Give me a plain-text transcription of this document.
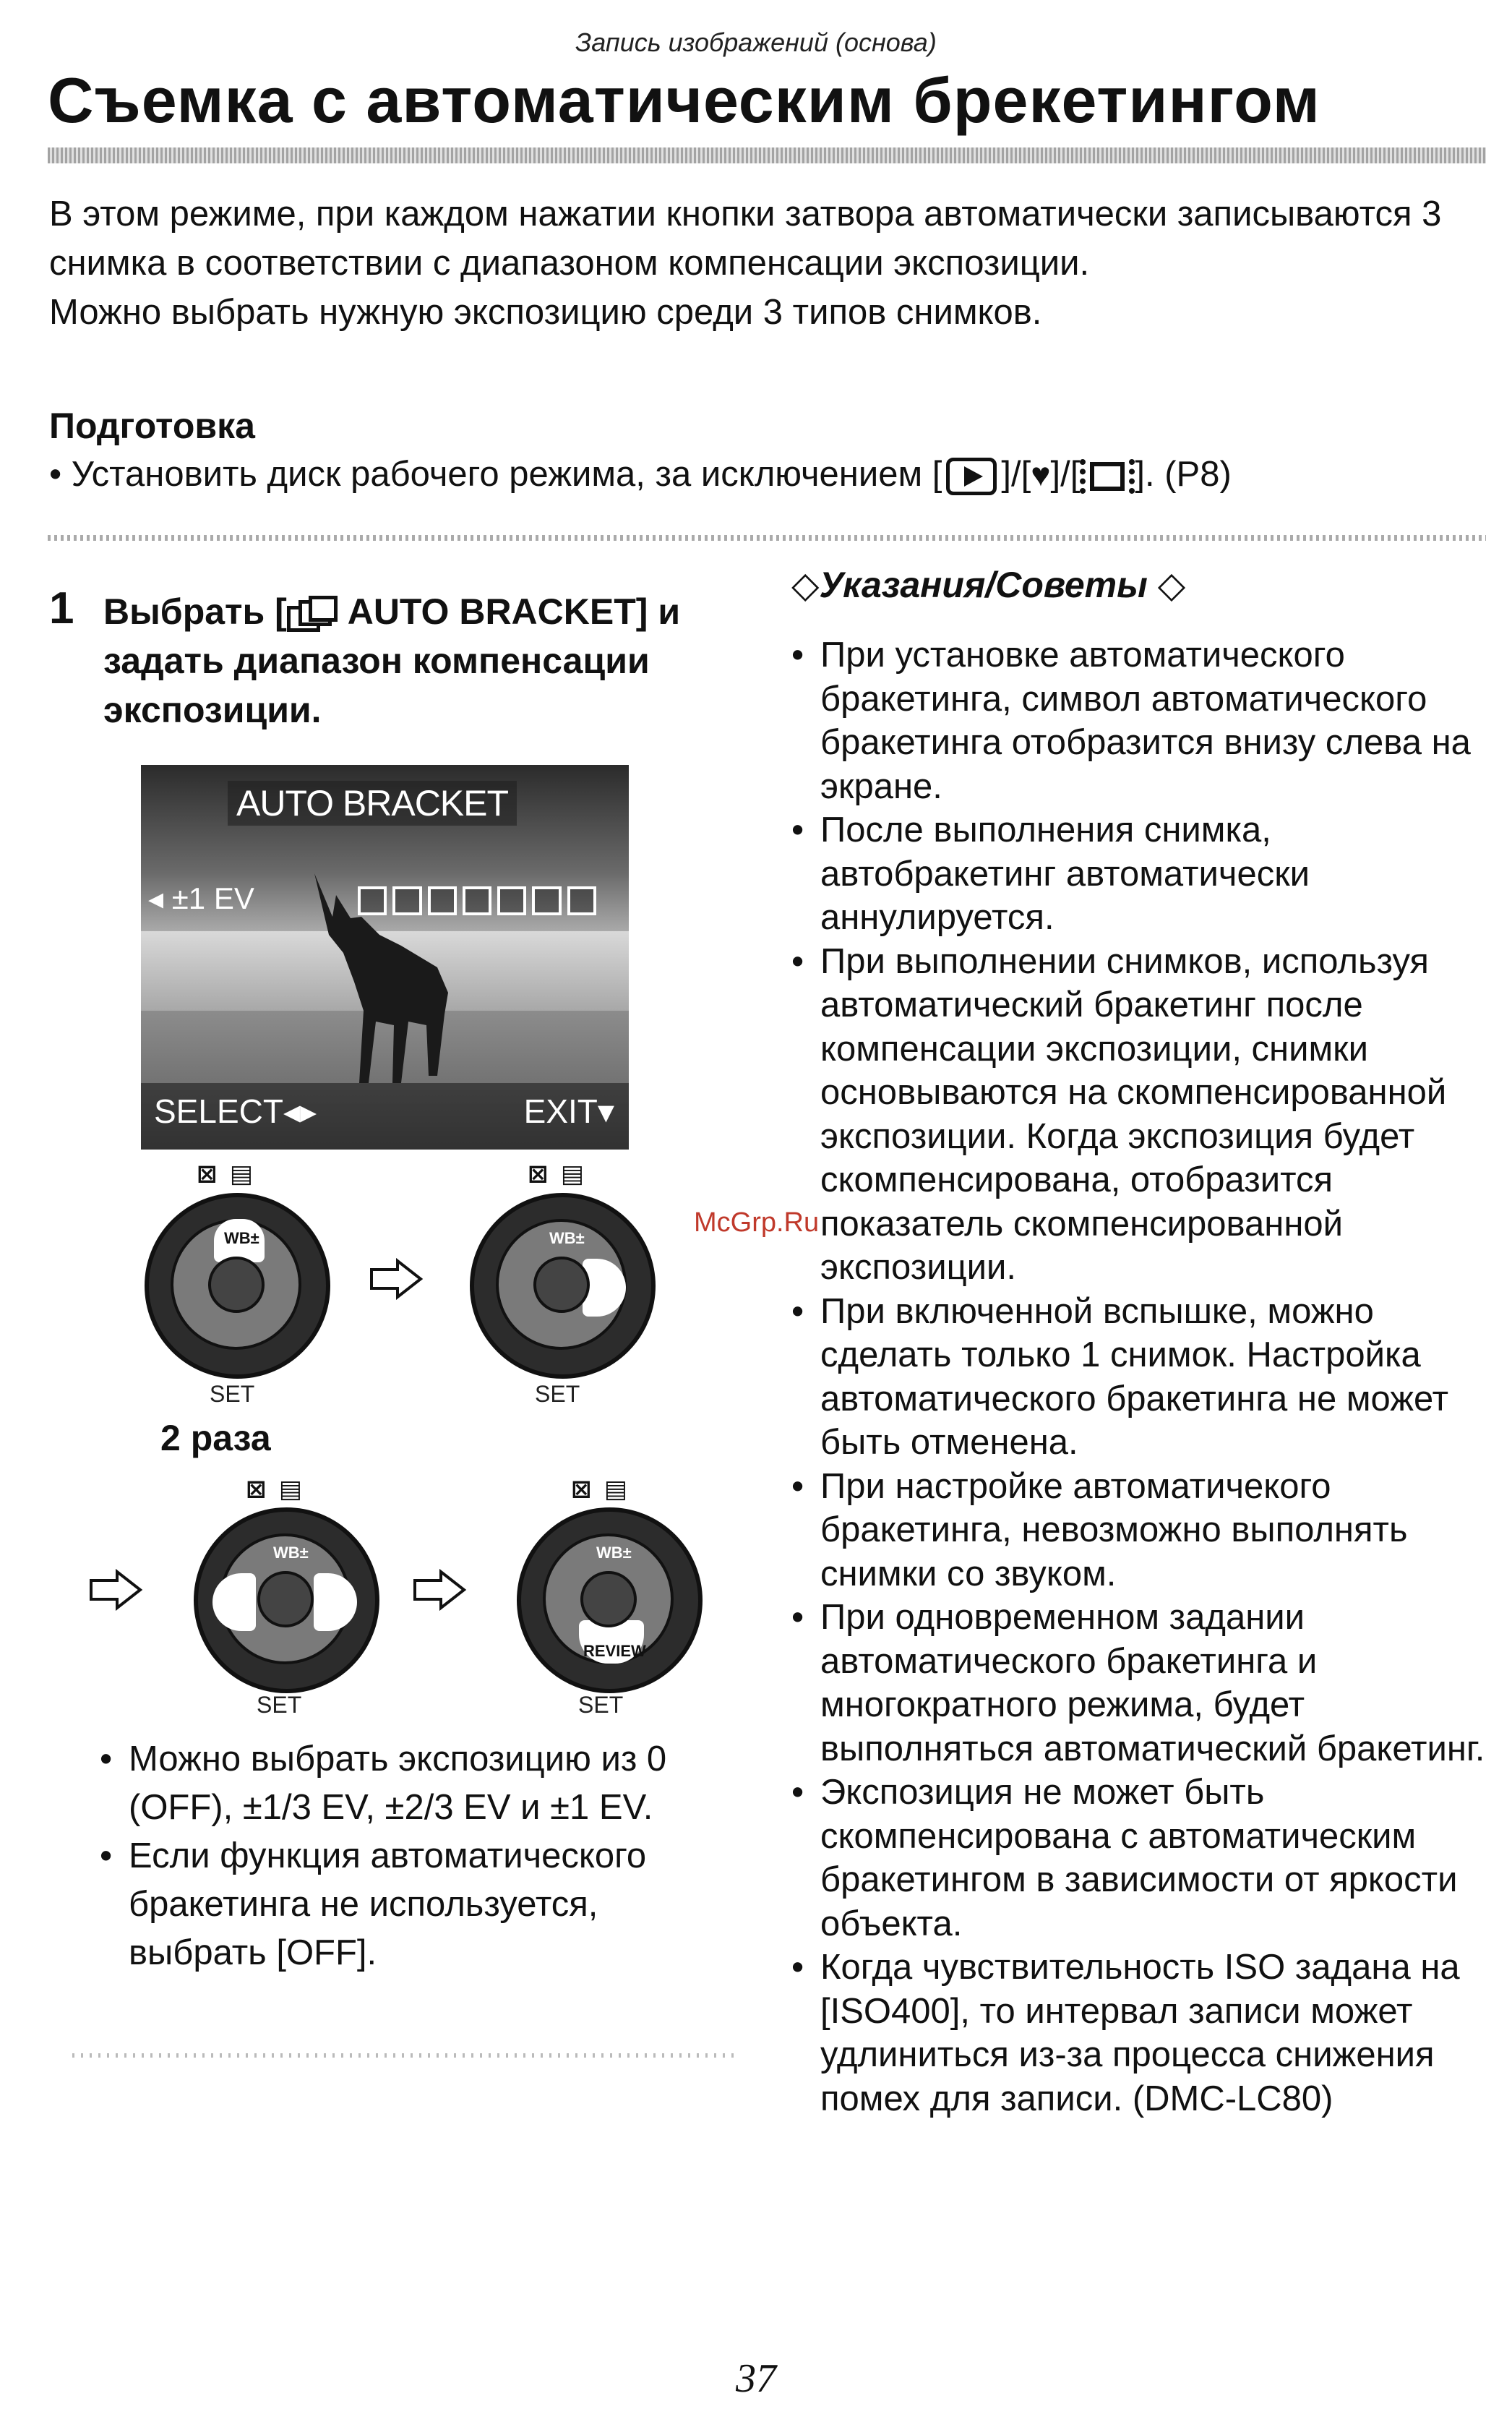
Запись изображений (основа)
Съемка с автоматическим брекетингом

В этом режиме, при каждом нажатии кнопки затвора автоматически записываются 3 снимка в соответствии с диапазоном компенсации экспозиции.

Можно выбрать нужную экспозицию среди 3 типов снимков.

Подготовка
• Установить диск рабочего режима, за исключением [ ]/[♥]/[ ]. (P8)
1 Выбрать [
AUTO BRACKET] и задать диапазон компенсации экспозиции.
AUTO BRACKET
◂ ±1 EV
SELECT◂▸	EXIT▾
⊠ ▤
WB±
SET
⊠ ▤
WB±
SET
2 раза
⊠ ▤
WB±
SET
⊠ ▤
REVIEW
WB±
SET

• Можно выбрать экспозицию из 0 (OFF), ±1/3 EV, ±2/3 EV и ±1 EV.

• Если функция автоматического бракетинга не используется, выбрать [OFF].

◇Указания/Советы ◇

• При установке автоматического бракетинга, символ автоматического бракетинга отобразится внизу слева на экране.

• После выполнения снимка, автобракетинг автоматически аннулируется.

• При выполнении снимков, используя автоматический бракетинг после компенсации экспозиции, снимки основываются на скомпенсированной экспозиции. Когда экспозиция будет скомпенсирована, отобразится показатель скомпенсированной экспозиции.

• При включенной вспышке, можно сделать только 1 снимок. Настройка автоматического бракетинга не может быть отменена.

• При настройке автоматичекого бракетинга, невозможно выполнять снимки со звуком.

• При одновременном задании автоматического бракетинга и многократного режима, будет выполняться автоматический бракетинг.

• Экспозиция не может быть скомпенсирована с автоматическим бракетингом в зависимости от яркости объекта.

• Когда чувствительность ISO задана на [ISO400], то интервал записи может удлиниться из-за процесса снижения помех для записи. (DMC-LC80)

McGrp.Ru
37
